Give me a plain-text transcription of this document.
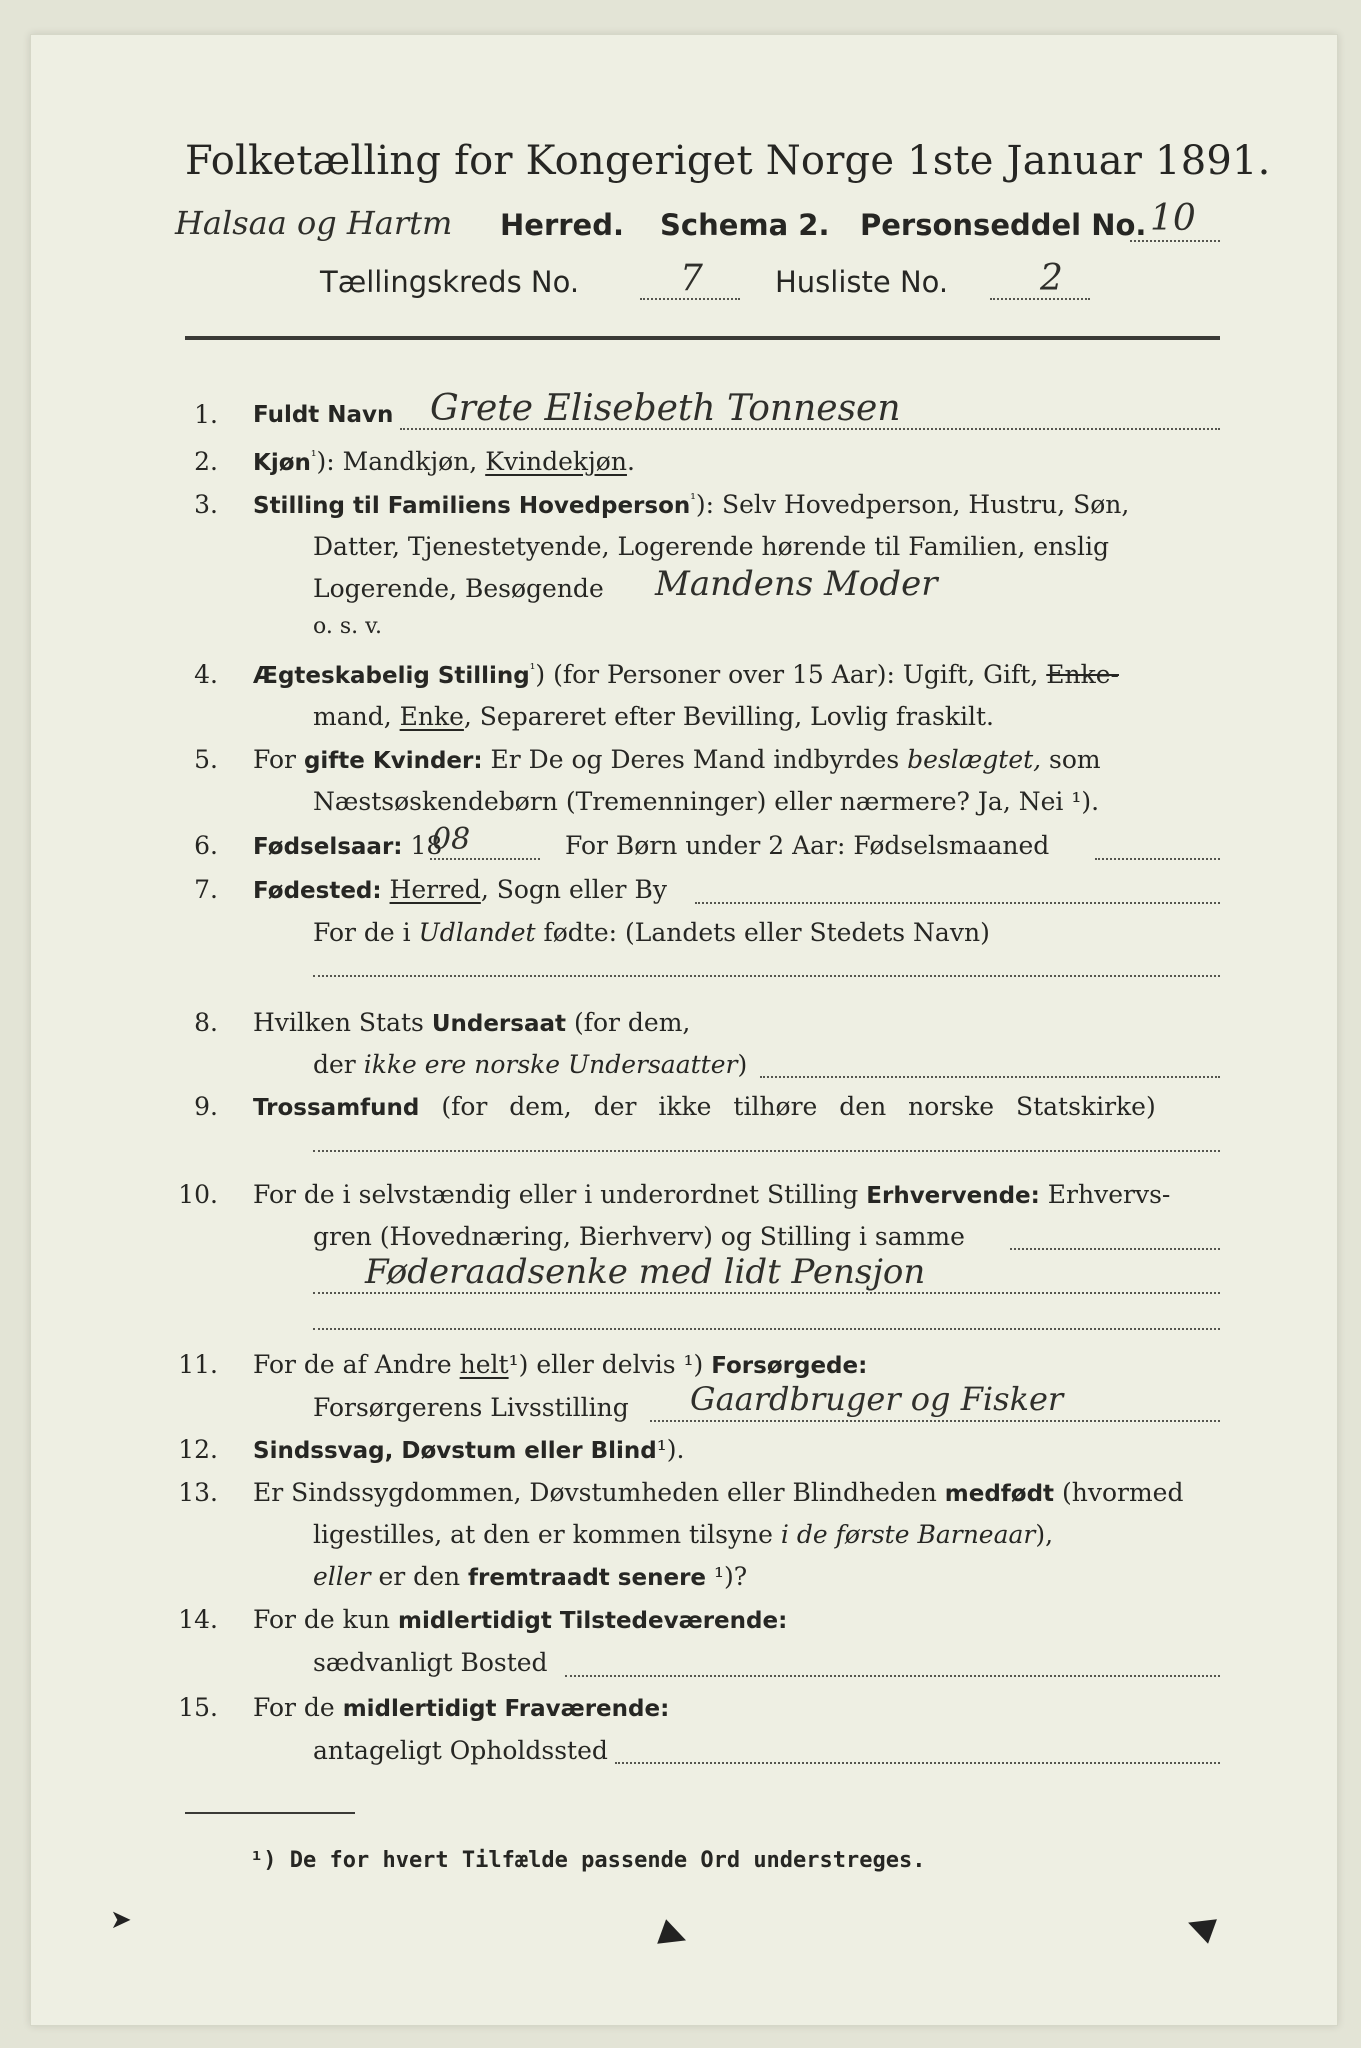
Folketælling for Kongeriget Norge 1ste Januar 1891.
Halsaa og Hartm Herred. Schema 2. Personseddel No. 10
Tællingskreds No.	7 Husliste No.	2
1. Fuldt Navn Grete Elisebeth Tonnesen
2. Kjøn$^{^1}$): Mandkjøn, Kvindekjøn.
3. Stilling til Familiens Hovedperson$^{^1}$): Selv Hovedperson, Hustru, Søn,
Datter, Tjenestetyende, Logerende hørende til Familien, enslig
Logerende, Besøgende Mandens Moder
o. s. v.
4. Ægteskabelig Stilling$^{^1}$) (for Personer over 15 Aar): Ugift, Gift, Enke-
mand, Enke, Separeret efter Bevilling, Lovlig fraskilt.
5. For gifte Kvinder: Er De og Deres Mand indbyrdes beslægtet, som
Næstsøskendebørn (Tremenninger) eller nærmere? Ja, Nei ¹).
6. Fødselsaar: 18
08	For Børn under 2 Aar: Fødselsmaaned
7. Fødested: Herred, Sogn eller By
For de i Udlandet fødte: (Landets eller Stedets Navn)
8. Hvilken Stats Undersaat (for dem,
der ikke ere norske Undersaatter)
9. Trossamfund (for dem, der ikke tilhøre den norske Statskirke)
10. For de i selvstændig eller i underordnet Stilling Erhvervende: Erhvervs-
gren (Hovednæring, Bierhverv) og Stilling i samme
Føderaadsenke med lidt Pensjon
11. For de af Andre helt¹) eller delvis ¹) Forsørgede:
Forsørgerens Livsstilling Gaardbruger og Fisker
12. Sindssvag, Døvstum eller Blind¹).
13. Er Sindssygdommen, Døvstumheden eller Blindheden medfødt (hvormed
ligestilles, at den er kommen tilsyne i de første Barneaar),
eller er den fremtraadt senere ¹)?
14. For de kun midlertidigt Tilstedeværende:
sædvanligt Bosted
15. For de midlertidigt Fraværende:
antageligt Opholdssted
¹) De for hvert Tilfælde passende Ord understreges.
➤	◀	◀
